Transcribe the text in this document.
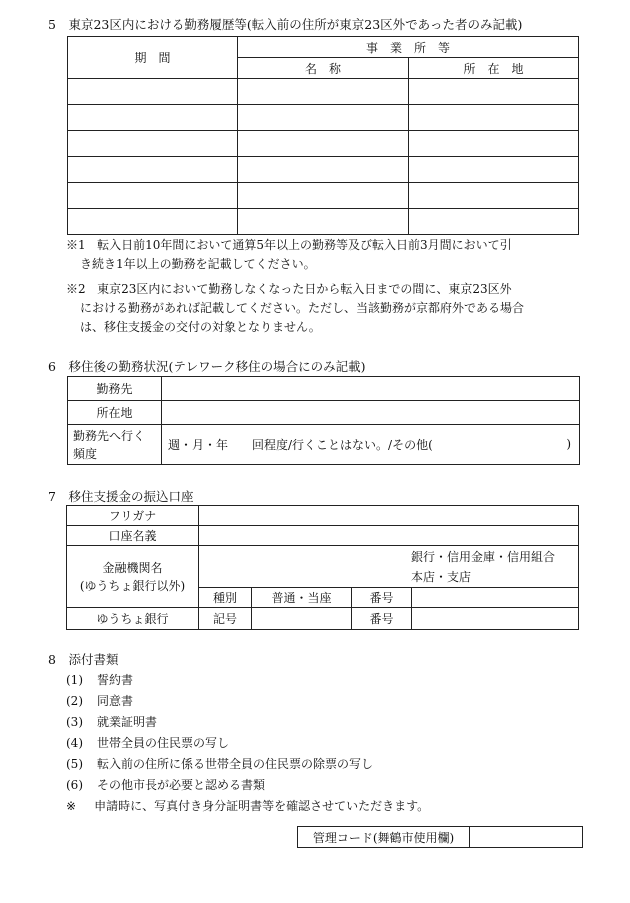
5　東京23区内における勤務履歴等(転入前の住所が東京23区外であった者のみ記載)
期　間	事　業　所　等	
	名　称	所　在　地

※1 転入日前10年間において通算5年以上の勤務等及び転入日前3月間において引
き続き1年以上の勤務を記載してください。
※2 東京23区内において勤務しなくなった日から転入日までの間に、東京23区外
における勤務があれば記載してください。ただし、当該勤務が京都府外である場合
は、移住支援金の交付の対象となりません。
6　移住後の勤務状況(テレワーク移住の場合にのみ記載)
勤務先	
所在地	
勤務先へ行く
頻度	週・月・年　　回程度/行くことはない。/その他( )
7　移住支援金の振込口座
フリガナ				
口座名義				
金融機関名
(ゆうちょ銀行以外)	銀行・信用金庫・信用組合
本店・支店			

	種別	普通・当座	番号	
ゆうちょ銀行	記号		番号	
8　添付書類
(1) 誓約書
(2) 同意書
(3) 就業証明書
(4) 世帯全員の住民票の写し
(5) 転入前の住所に係る世帯全員の住民票の除票の写し
(6) その他市長が必要と認める書類
※ 申請時に、写真付き身分証明書等を確認させていただきます。
管理コード(舞鶴市使用欄)	
